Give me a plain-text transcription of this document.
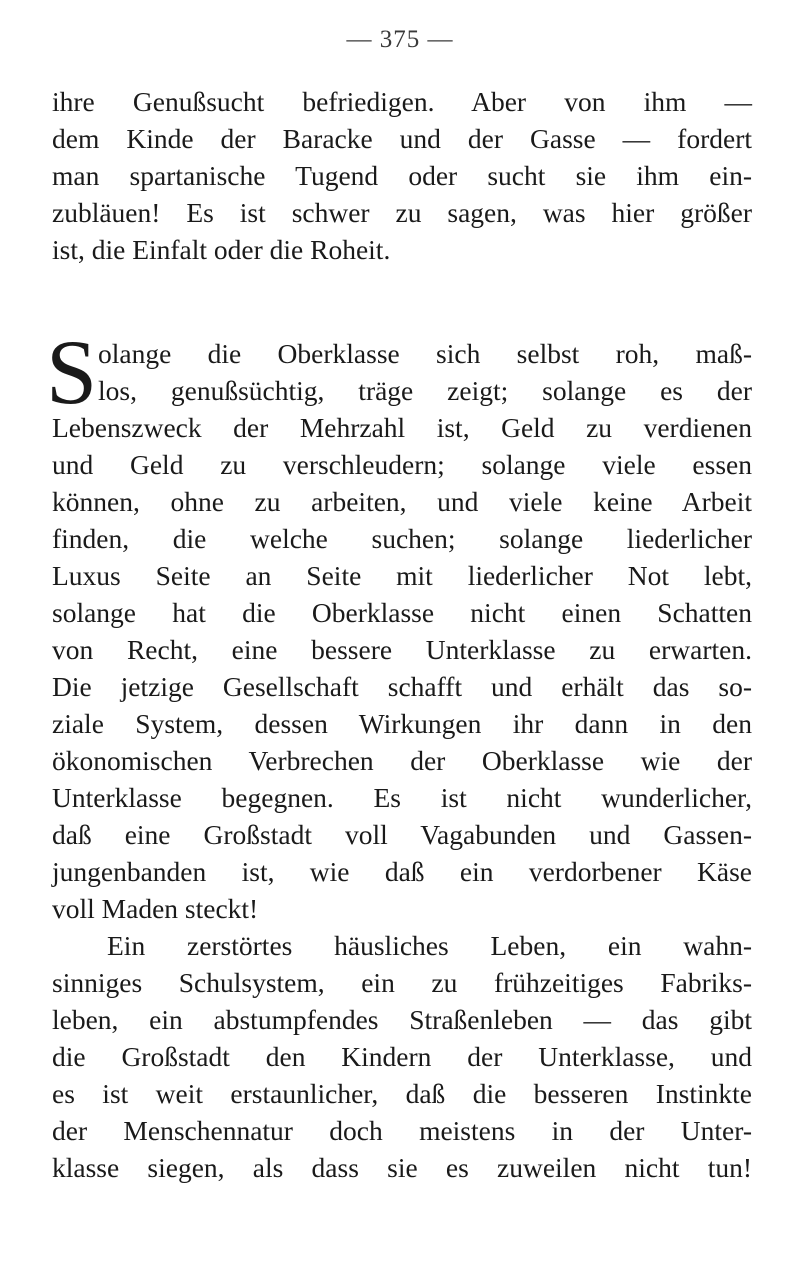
— 375 —
ihre Genußsucht befriedigen. Aber von ihm —
dem Kinde der Baracke und der Gasse — fordert
man spartanische Tugend oder sucht sie ihm ein-
zubläuen! Es ist schwer zu sagen, was hier größer
ist, die Einfalt oder die Roheit.
S olange die Oberklasse sich selbst roh, maß-
los, genußsüchtig, träge zeigt; solange es der
Lebenszweck der Mehrzahl ist, Geld zu verdienen
und Geld zu verschleudern; solange viele essen
können, ohne zu arbeiten, und viele keine Arbeit
finden, die welche suchen; solange liederlicher
Luxus Seite an Seite mit liederlicher Not lebt,
solange hat die Oberklasse nicht einen Schatten
von Recht, eine bessere Unterklasse zu erwarten.
Die jetzige Gesellschaft schafft und erhält das so-
ziale System, dessen Wirkungen ihr dann in den
ökonomischen Verbrechen der Oberklasse wie der
Unterklasse begegnen. Es ist nicht wunderlicher,
daß eine Großstadt voll Vagabunden und Gassen-
jungenbanden ist, wie daß ein verdorbener Käse
voll Maden steckt!
Ein zerstörtes häusliches Leben, ein wahn-
sinniges Schulsystem, ein zu frühzeitiges Fabriks-
leben, ein abstumpfendes Straßenleben — das gibt
die Großstadt den Kindern der Unterklasse, und
es ist weit erstaunlicher, daß die besseren Instinkte
der Menschennatur doch meistens in der Unter-
klasse siegen, als dass sie es zuweilen nicht tun!
